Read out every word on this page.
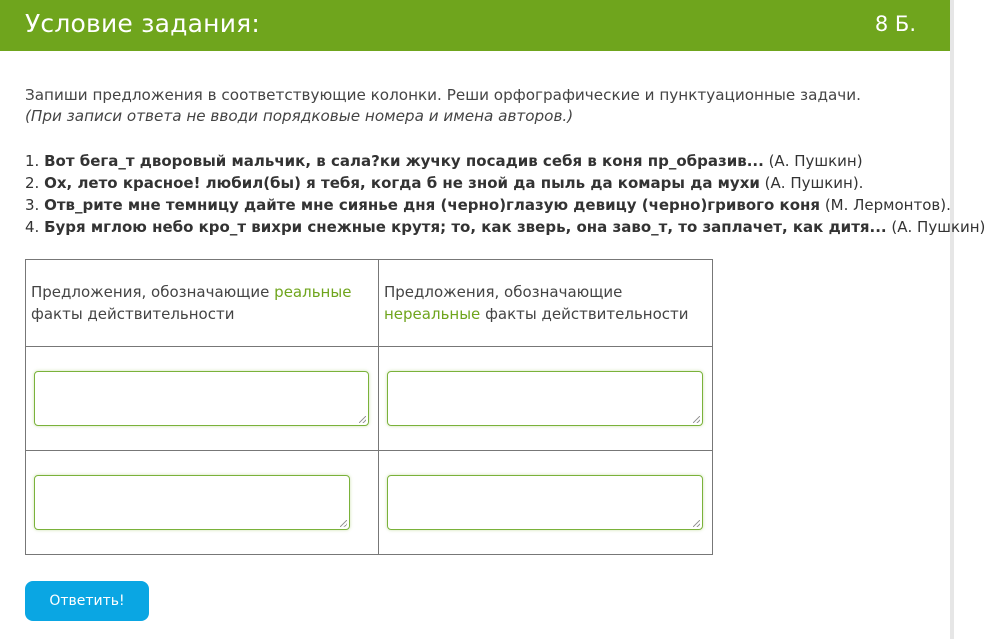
Условие задания:	8 Б.
Запиши предложения в соответствующие колонки. Реши орфографические и пунктуационные задачи.
(При записи ответа не вводи порядковые номера и имена авторов.)
1. Вот бега_т дворовый мальчик, в сала?ки жучку посадив себя в коня пр_образив... (А. Пушкин)
2. Ох, лето красное! любил(бы) я тебя, когда б не зной да пыль да комары да мухи (А. Пушкин).
3. Отв_рите мне темницу дайте мне сиянье дня (черно)глазую девицу (черно)гривого коня (М. Лермонтов).
4. Буря мглою небо кро_т вихри снежные крутя; то, как зверь, она заво_т, то заплачет, как дитя... (А. Пушкин)
Предложения, обозначающие реальные факты действительности	Предложения, обозначающие нереальные факты действительности

Ответить!
